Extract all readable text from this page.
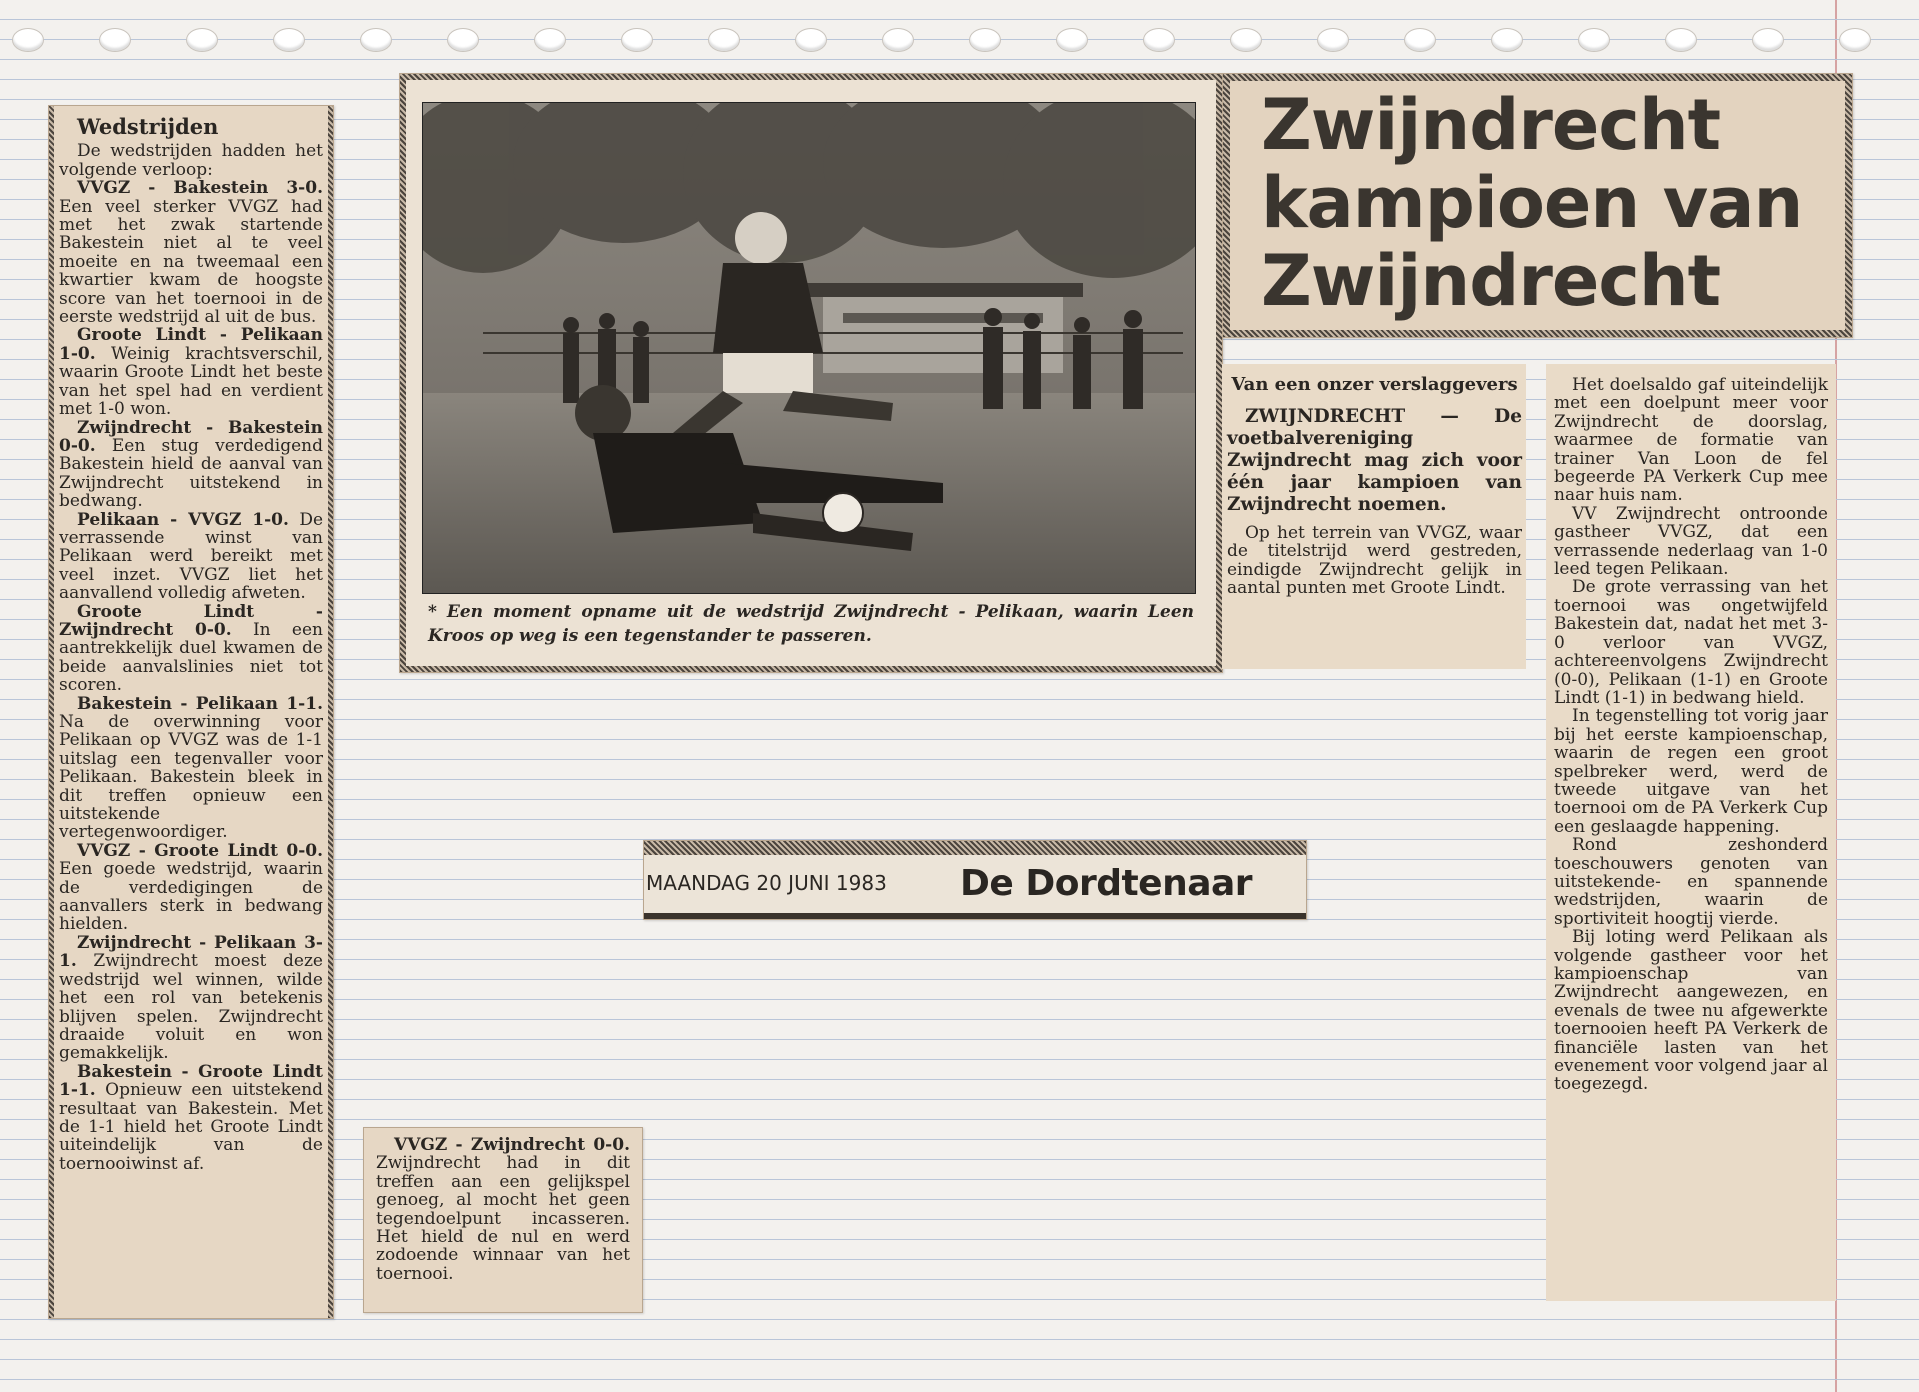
Wedstrijden

De wedstrijden hadden het volgende verloop:

VVGZ - Bakestein 3-0. Een veel sterker VVGZ had met het zwak startende Bakestein niet al te veel moeite en na tweemaal een kwartier kwam de hoogste score van het toernooi in de eerste wedstrijd al uit de bus.

Groote Lindt - Pelikaan 1-0. Weinig krachtsverschil, waarin Groote Lindt het beste van het spel had en verdient met 1-0 won.

Zwijndrecht - Bakestein 0-0. Een stug verdedigend Bakestein hield de aanval van Zwijndrecht uitstekend in bedwang.

Pelikaan - VVGZ 1-0. De verrassende winst van Pelikaan werd bereikt met veel inzet. VVGZ liet het aanvallend volledig afweten.

Groote Lindt - Zwijndrecht 0-0. In een aantrekkelijk duel kwamen de beide aanvalslinies niet tot scoren.

Bakestein - Pelikaan 1-1. Na de overwinning voor Pelikaan op VVGZ was de 1-1 uitslag een tegenvaller voor Pelikaan. Bakestein bleek in dit treffen opnieuw een uitstekende vertegenwoordiger.

VVGZ - Groote Lindt 0-0. Een goede wedstrijd, waarin de verdedigingen de aanvallers sterk in bedwang hielden.

Zwijndrecht - Pelikaan 3-1. Zwijndrecht moest deze wedstrijd wel winnen, wilde het een rol van betekenis blijven spelen. Zwijndrecht draaide voluit en won gemakkelijk.

Bakestein - Groote Lindt 1-1. Opnieuw een uitstekend resultaat van Bakestein. Met de 1-1 hield het Groote Lindt uiteindelijk van de toernooiwinst af.

* Een moment opname uit de wedstrijd Zwijndrecht - Pelikaan, waarin Leen Kroos op weg is een tegenstander te passeren.
Zwijndrecht
kampioen van
Zwijndrecht
Van een onzer verslaggevers

ZWIJNDRECHT — De voetbalvereniging Zwijndrecht mag zich voor één jaar kampioen van Zwijndrecht noemen.

Op het terrein van VVGZ, waar de titelstrijd werd gestreden, eindigde Zwijndrecht gelijk in aantal punten met Groote Lindt.

Het doelsaldo gaf uiteindelijk met een doelpunt meer voor Zwijndrecht de doorslag, waarmee de formatie van trainer Van Loon de fel begeerde PA Verkerk Cup mee naar huis nam.

VV Zwijndrecht ontroonde gastheer VVGZ, dat een verrassende nederlaag van 1-0 leed tegen Pelikaan.

De grote verrassing van het toernooi was ongetwijfeld Bakestein dat, nadat het met 3-0 verloor van VVGZ, achtereenvolgens Zwijndrecht (0-0), Pelikaan (1-1) en Groote Lindt (1-1) in bedwang hield.

In tegenstelling tot vorig jaar bij het eerste kampioenschap, waarin de regen een groot spelbreker werd, werd de tweede uitgave van het toernooi om de PA Verkerk Cup een geslaagde happening.

Rond zeshonderd toeschouwers genoten van uitstekende- en spannende wedstrijden, waarin de sportiviteit hoogtij vierde.

Bij loting werd Pelikaan als volgende gastheer voor het kampioenschap van Zwijndrecht aangewezen, en evenals de twee nu afgewerkte toernooien heeft PA Verkerk de financiële lasten van het evenement voor volgend jaar al toegezegd.

MAANDAG 20 JUNI 1983 De Dordtenaar

VVGZ - Zwijndrecht 0-0. Zwijndrecht had in dit treffen aan een gelijkspel genoeg, al mocht het geen tegendoelpunt incasseren. Het hield de nul en werd zodoende winnaar van het toernooi.
